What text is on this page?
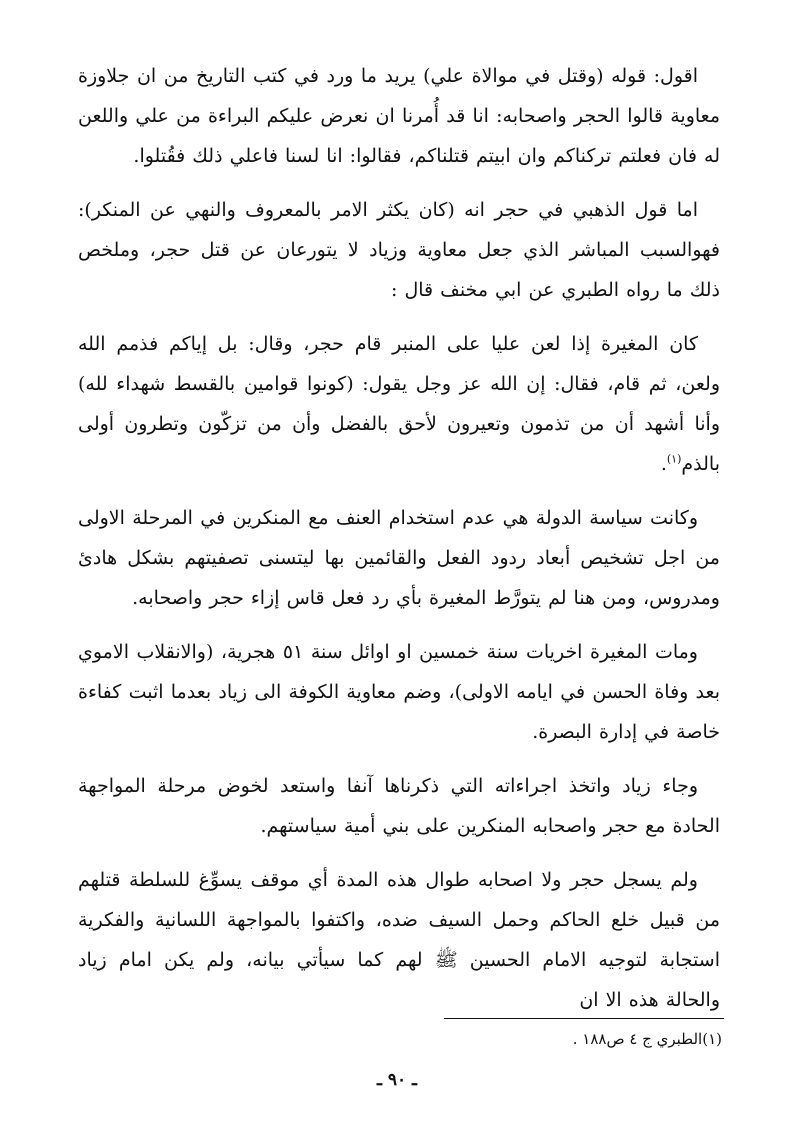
اقول: قوله (وقتل في موالاة علي) يريد ما ورد في كتب التاريخ من ان جلاوزة معاوية قالوا الحجر واصحابه: انا قد أُمرنا ان نعرض عليكم البراءة من علي واللعن له فان فعلتم تركناكم وان ابيتم قتلناكم، فقالوا: انا لسنا فاعلي ذلك فقُتلوا.

اما قول الذهبي في حجر انه (كان يكثر الامر بالمعروف والنهي عن المنكر): فهوالسبب المباشر الذي جعل معاوية وزياد لا يتورعان عن قتل حجر، وملخص ذلك ما رواه الطبري عن ابي مخنف قال :

كان المغيرة إذا لعن عليا على المنبر قام حجر، وقال: بل إياكم فذمم الله ولعن، ثم قام، فقال: إن الله عز وجل يقول: (كونوا قوامين بالقسط شهداء لله) وأنا أشهد أن من تذمون وتعيرون لأحق بالفضل وأن من تزكّون وتطرون أولى بالذم$^{(١)}$.

وكانت سياسة الدولة هي عدم استخدام العنف مع المنكرين في المرحلة الاولى من اجل تشخيص أبعاد ردود الفعل والقائمين بها ليتسنى تصفيتهم بشكل هادئ ومدروس، ومن هنا لم يتورَّط المغيرة بأي رد فعل قاس إزاء حجر واصحابه.

ومات المغيرة اخريات سنة خمسين او اوائل سنة ٥١ هجرية، (والانقلاب الاموي بعد وفاة الحسن في ايامه الاولى)، وضم معاوية الكوفة الى زياد بعدما اثبت كفاءة خاصة في إدارة البصرة.

وجاء زياد واتخذ اجراءاته التي ذكرناها آنفا واستعد لخوض مرحلة المواجهة الحادة مع حجر واصحابه المنكرين على بني أمية سياستهم.

ولم يسجل حجر ولا اصحابه طوال هذه المدة أي موقف يسوِّغ للسلطة قتلهم من قبيل خلع الحاكم وحمل السيف ضده، واكتفوا بالمواجهة اللسانية والفكرية استجابة لتوجيه الامام الحسين ﷺ لهم كما سيأتي بيانه، ولم يكن امام زياد والحالة هذه الا ان

(١)الطبري ج ٤ ص١٨٨ .
ـ ٩٠ ـ
